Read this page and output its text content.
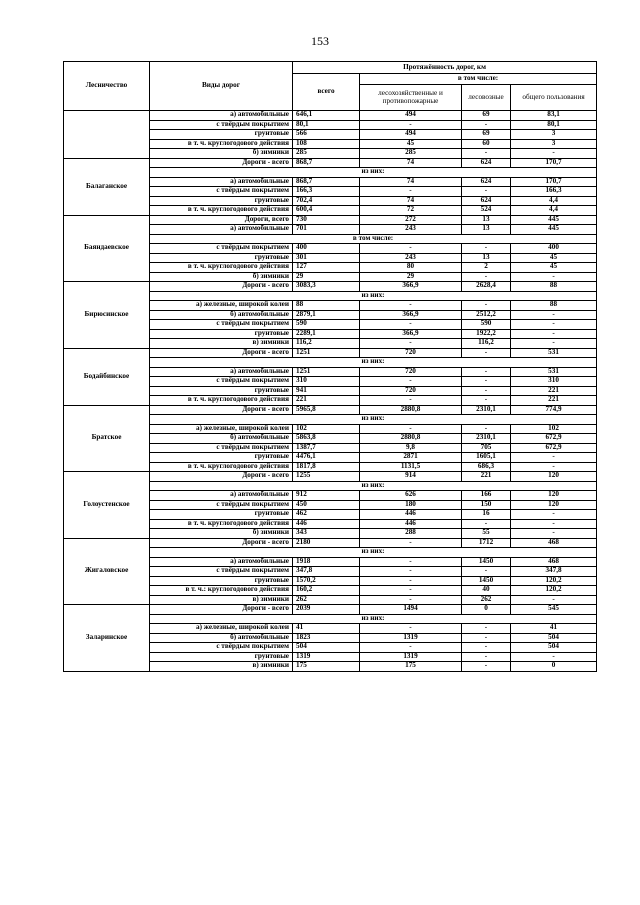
153
Лесничество	Виды дорог	Протяжённость дорог, км			
		всего	в том числе:		
			лесохозяйственные и противопожарные	лесовозные	общего пользования
	а) автомобильные	646,1	494	69	83,1
	с твёрдым покрытием	80,1	-	-	80,1
	грунтовые	566	494	69	3
	в т. ч. круглогодового действия	108	45	60	3
	б) зимники	285	285	-	-
Балаганское	Дороги - всего	868,7	74	624	170,7
	из них:				
	а) автомобильные	868,7	74	624	170,7
	с твёрдым покрытием	166,3	-	-	166,3
	грунтовые	702,4	74	624	4,4
	в т. ч. круглогодового действия	600,4	72	524	4,4
Баяндаевское	Дороги, всего	730	272	13	445
	а) автомобильные	701	243	13	445
	в том числе:				
	с твёрдым покрытием	400	-	-	400
	грунтовые	301	243	13	45
	в т. ч. круглогодового действия	127	80	2	45
	б) зимники	29	29	-	-
Бирюсинское	Дороги - всего	3083,3	366,9	2628,4	88
	из них:				
	а) железные, широкой колеи	88	-	-	88
	б) автомобильные	2879,1	366,9	2512,2	-
	с твёрдым покрытием	590	-	590	-
	грунтовые	2289,1	366,9	1922,2	-
	в) зимники	116,2	-	116,2	-
Бодайбинское	Дороги - всего	1251	720	-	531
	из них:				
	а) автомобильные	1251	720	-	531
	с твёрдым покрытием	310	-	-	310
	грунтовые	941	720	-	221
	в т. ч. круглогодового действия	221	-	-	221
Братское	Дороги - всего	5965,8	2880,8	2310,1	774,9
	из них:				
	а) железные, широкой колеи	102	-	-	102
	б) автомобильные	5863,8	2880,8	2310,1	672,9
	с твёрдым покрытием	1387,7	9,8	705	672,9
	грунтовые	4476,1	2871	1605,1	-
	в т. ч. круглогодового действия	1817,8	1131,5	686,3	-
Голоустенское	Дороги - всего	1255	914	221	120
	из них:				
	а) автомобильные	912	626	166	120
	с твёрдым покрытием	450	180	150	120
	грунтовые	462	446	16	-
	в т. ч. круглогодового действия	446	446	-	-
	б) зимники	343	288	55	-
Жигаловское	Дороги - всего	2180	-	1712	468
	из них:				
	а) автомобильные	1918	-	1450	468
	с твёрдым покрытием	347,8	-	-	347,8
	грунтовые	1570,2	-	1450	120,2
	в т. ч.: круглогодового действия	160,2	-	40	120,2
	в) зимники	262	-	262	-
Заларинское	Дороги - всего	2039	1494	0	545
	из них:				
	а) железные, широкой колеи	41	-	-	41
	б) автомобильные	1823	1319	-	504
	с твёрдым покрытием	504	-	-	504
	грунтовые	1319	1319	-	-
	в) зимники	175	175	-	0
